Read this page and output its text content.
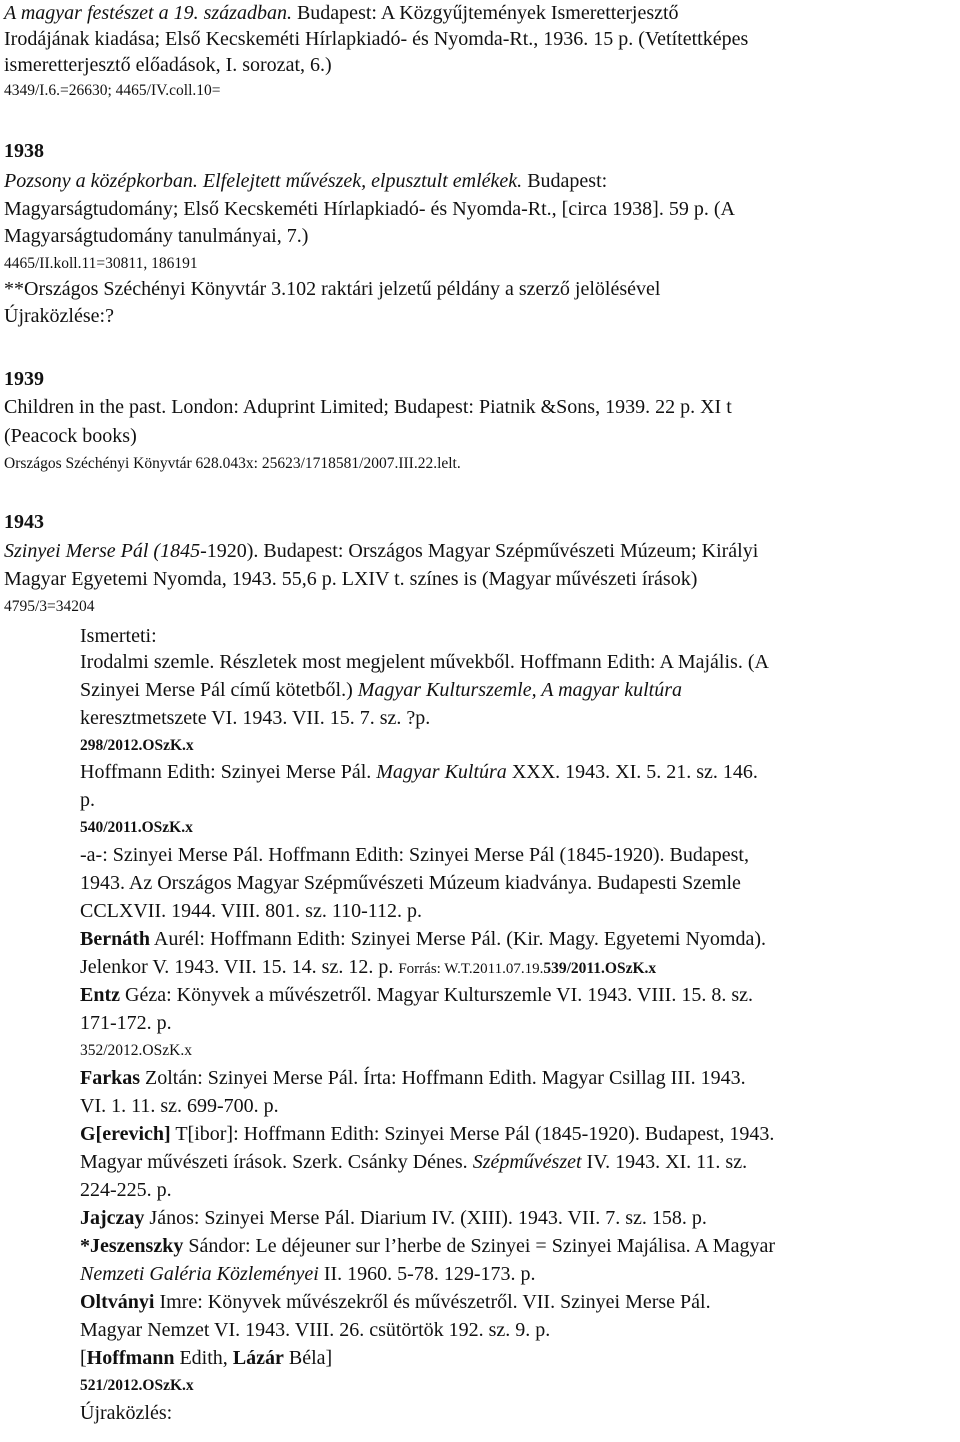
A magyar festészet a 19. században. Budapest: A Közgyűjtemények Ismeretterjesztő
Irodájának kiadása; Első Kecskeméti Hírlapkiadó- és Nyomda-Rt., 1936. 15 p. (Vetítettképes
ismeretterjesztő előadások, I. sorozat, 6.)
4349/I.6.=26630; 4465/IV.coll.10=
1938
Pozsony a középkorban. Elfelejtett művészek, elpusztult emlékek. Budapest:
Magyarságtudomány; Első Kecskeméti Hírlapkiadó- és Nyomda-Rt., [circa 1938]. 59 p. (A
Magyarságtudomány tanulmányai, 7.)
4465/II.koll.11=30811, 186191
**Országos Széchényi Könyvtár 3.102 raktári jelzetű példány a szerző jelölésével
Újraközlése:?
1939
Children in the past. London: Aduprint Limited; Budapest: Piatnik &Sons, 1939. 22 p. XI t
(Peacock books)
Országos Széchényi Könyvtár 628.043x: 25623/1718581/2007.III.22.lelt.
1943
Szinyei Merse Pál (1845-1920). Budapest: Országos Magyar Szépművészeti Múzeum; Királyi
Magyar Egyetemi Nyomda, 1943. 55,6 p. LXIV t. színes is (Magyar művészeti írások)
4795/3=34204
Ismerteti:
Irodalmi szemle. Részletek most megjelent művekből. Hoffmann Edith: A Majális. (A
Szinyei Merse Pál című kötetből.) Magyar Kulturszemle, A magyar kultúra
keresztmetszete VI. 1943. VII. 15. 7. sz. ?p.
298/2012.OSzK.x
Hoffmann Edith: Szinyei Merse Pál. Magyar Kultúra XXX. 1943. XI. 5. 21. sz. 146.
p.
540/2011.OSzK.x
-a-: Szinyei Merse Pál. Hoffmann Edith: Szinyei Merse Pál (1845-1920). Budapest,
1943. Az Országos Magyar Szépművészeti Múzeum kiadványa. Budapesti Szemle
CCLXVII. 1944. VIII. 801. sz. 110-112. p.
Bernáth Aurél: Hoffmann Edith: Szinyei Merse Pál. (Kir. Magy. Egyetemi Nyomda).
Jelenkor V. 1943. VII. 15. 14. sz. 12. p. Forrás: W.T.2011.07.19.539/2011.OSzK.x
Entz Géza: Könyvek a művészetről. Magyar Kulturszemle VI. 1943. VIII. 15. 8. sz.
171-172. p.
352/2012.OSzK.x
Farkas Zoltán: Szinyei Merse Pál. Írta: Hoffmann Edith. Magyar Csillag III. 1943.
VI. 1. 11. sz. 699-700. p.
G[erevich] T[ibor]: Hoffmann Edith: Szinyei Merse Pál (1845-1920). Budapest, 1943.
Magyar művészeti írások. Szerk. Csánky Dénes. Szépművészet IV. 1943. XI. 11. sz.
224-225. p.
Jajczay János: Szinyei Merse Pál. Diarium IV. (XIII). 1943. VII. 7. sz. 158. p.
*Jeszenszky Sándor: Le déjeuner sur l’herbe de Szinyei = Szinyei Majálisa. A Magyar
Nemzeti Galéria Közleményei II. 1960. 5-78. 129-173. p.
Oltványi Imre: Könyvek művészekről és művészetről. VII. Szinyei Merse Pál.
Magyar Nemzet VI. 1943. VIII. 26. csütörtök 192. sz. 9. p.
[Hoffmann Edith, Lázár Béla]
521/2012.OSzK.x
Újraközlés:
